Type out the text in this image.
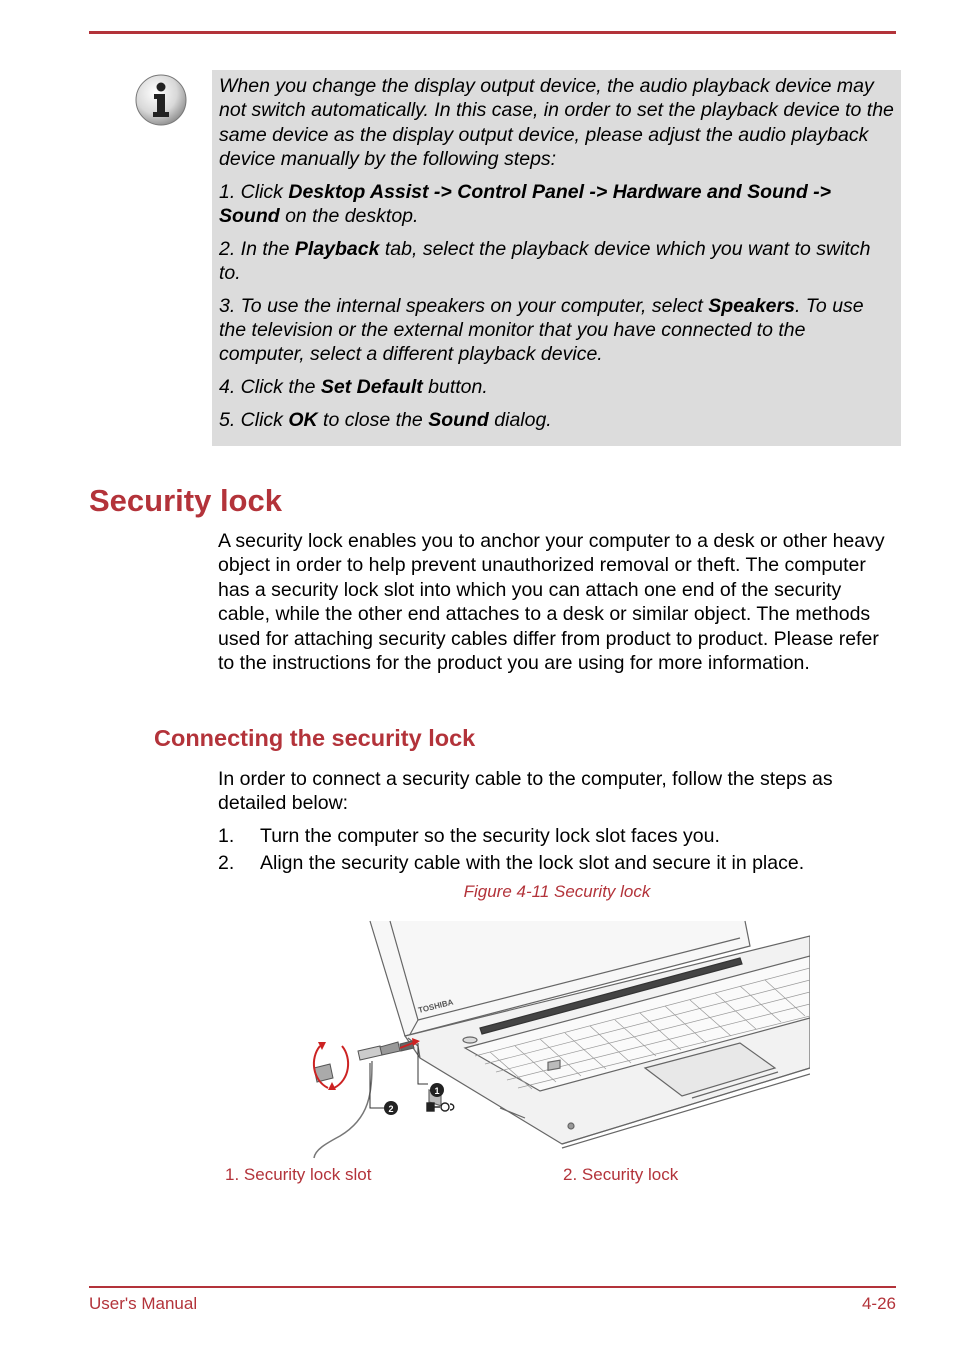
When you change the display output device, the audio playback device may not switch automatically. In this case, in order to set the playback device to the same device as the display output device, please adjust the audio playback device manually by the following steps:

1. Click Desktop Assist -> Control Panel -> Hardware and Sound -> Sound on the desktop.

2. In the Playback tab, select the playback device which you want to switch to.

3. To use the internal speakers on your computer, select Speakers. To use the television or the external monitor that you have connected to the computer, select a different playback device.

4. Click the Set Default button.

5. Click OK to close the Sound dialog.

Security lock

A security lock enables you to anchor your computer to a desk or other heavy object in order to help prevent unauthorized removal or theft. The computer has a security lock slot into which you can attach one end of the security cable, while the other end attaches to a desk or similar object. The methods used for attaching security cables differ from product to product. Please refer to the instructions for the product you are using for more information.

Connecting the security lock

In order to connect a security cable to the computer, follow the steps as detailed below:

1.	Turn the computer so the security lock slot faces you.
2.	Align the security cable with the lock slot and secure it in place.
Figure 4-11 Security lock
TOSHIBA
1
2
1. Security lock slot	2. Security lock
User's Manual	4-26
